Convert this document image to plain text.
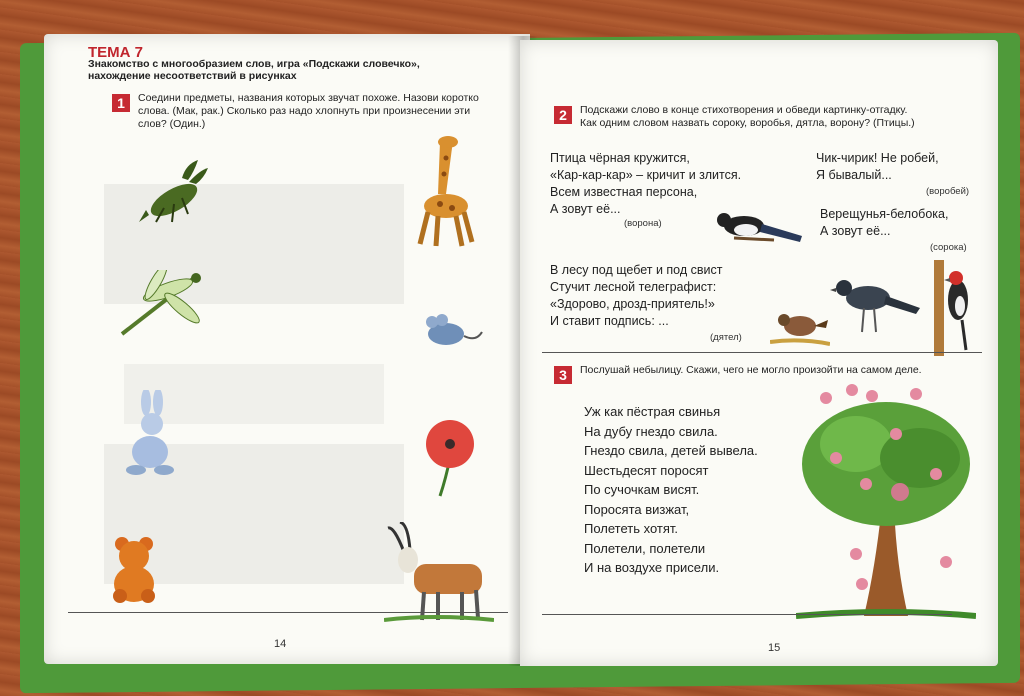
ТЕМА 7
Знакомство с многообразием слов, игра «Подскажи словечко»,
нахождение несоответствий в рисунках
1	Соедини предметы, названия которых звучат похоже. Назови коротко
слова. (Мак, рак.) Сколько раз надо хлопнуть при произнесении эти
слов? (Один.)
14
2	Подскажи слово в конце стихотворения и обведи картинку-отгадку.
Как одним словом назвать сороку, воробья, дятла, ворону? (Птицы.)
Птица чёрная кружится,
«Кар-кар-кар» – кричит и злится.
Всем известная персона,
А зовут её...
(ворона)
Чик-чирик! Не робей,
Я бывалый...
(воробей)
Верещунья-белобока,
А зовут её...
(сорока)
В лесу под щебет и под свист
Стучит лесной телеграфист:
«Здорово, дрозд-приятель!»
И ставит подпись: ...
(дятел)
3	Послушай небылицу. Скажи, чего не могло произойти на самом деле.
Уж как пёстрая свинья
На дубу гнездо свила.
Гнездо свила, детей вывела.
Шестьдесят поросят
По сучочкам висят.
Поросята визжат,
Полететь хотят.
Полетели, полетели
И на воздухе присели.
15
